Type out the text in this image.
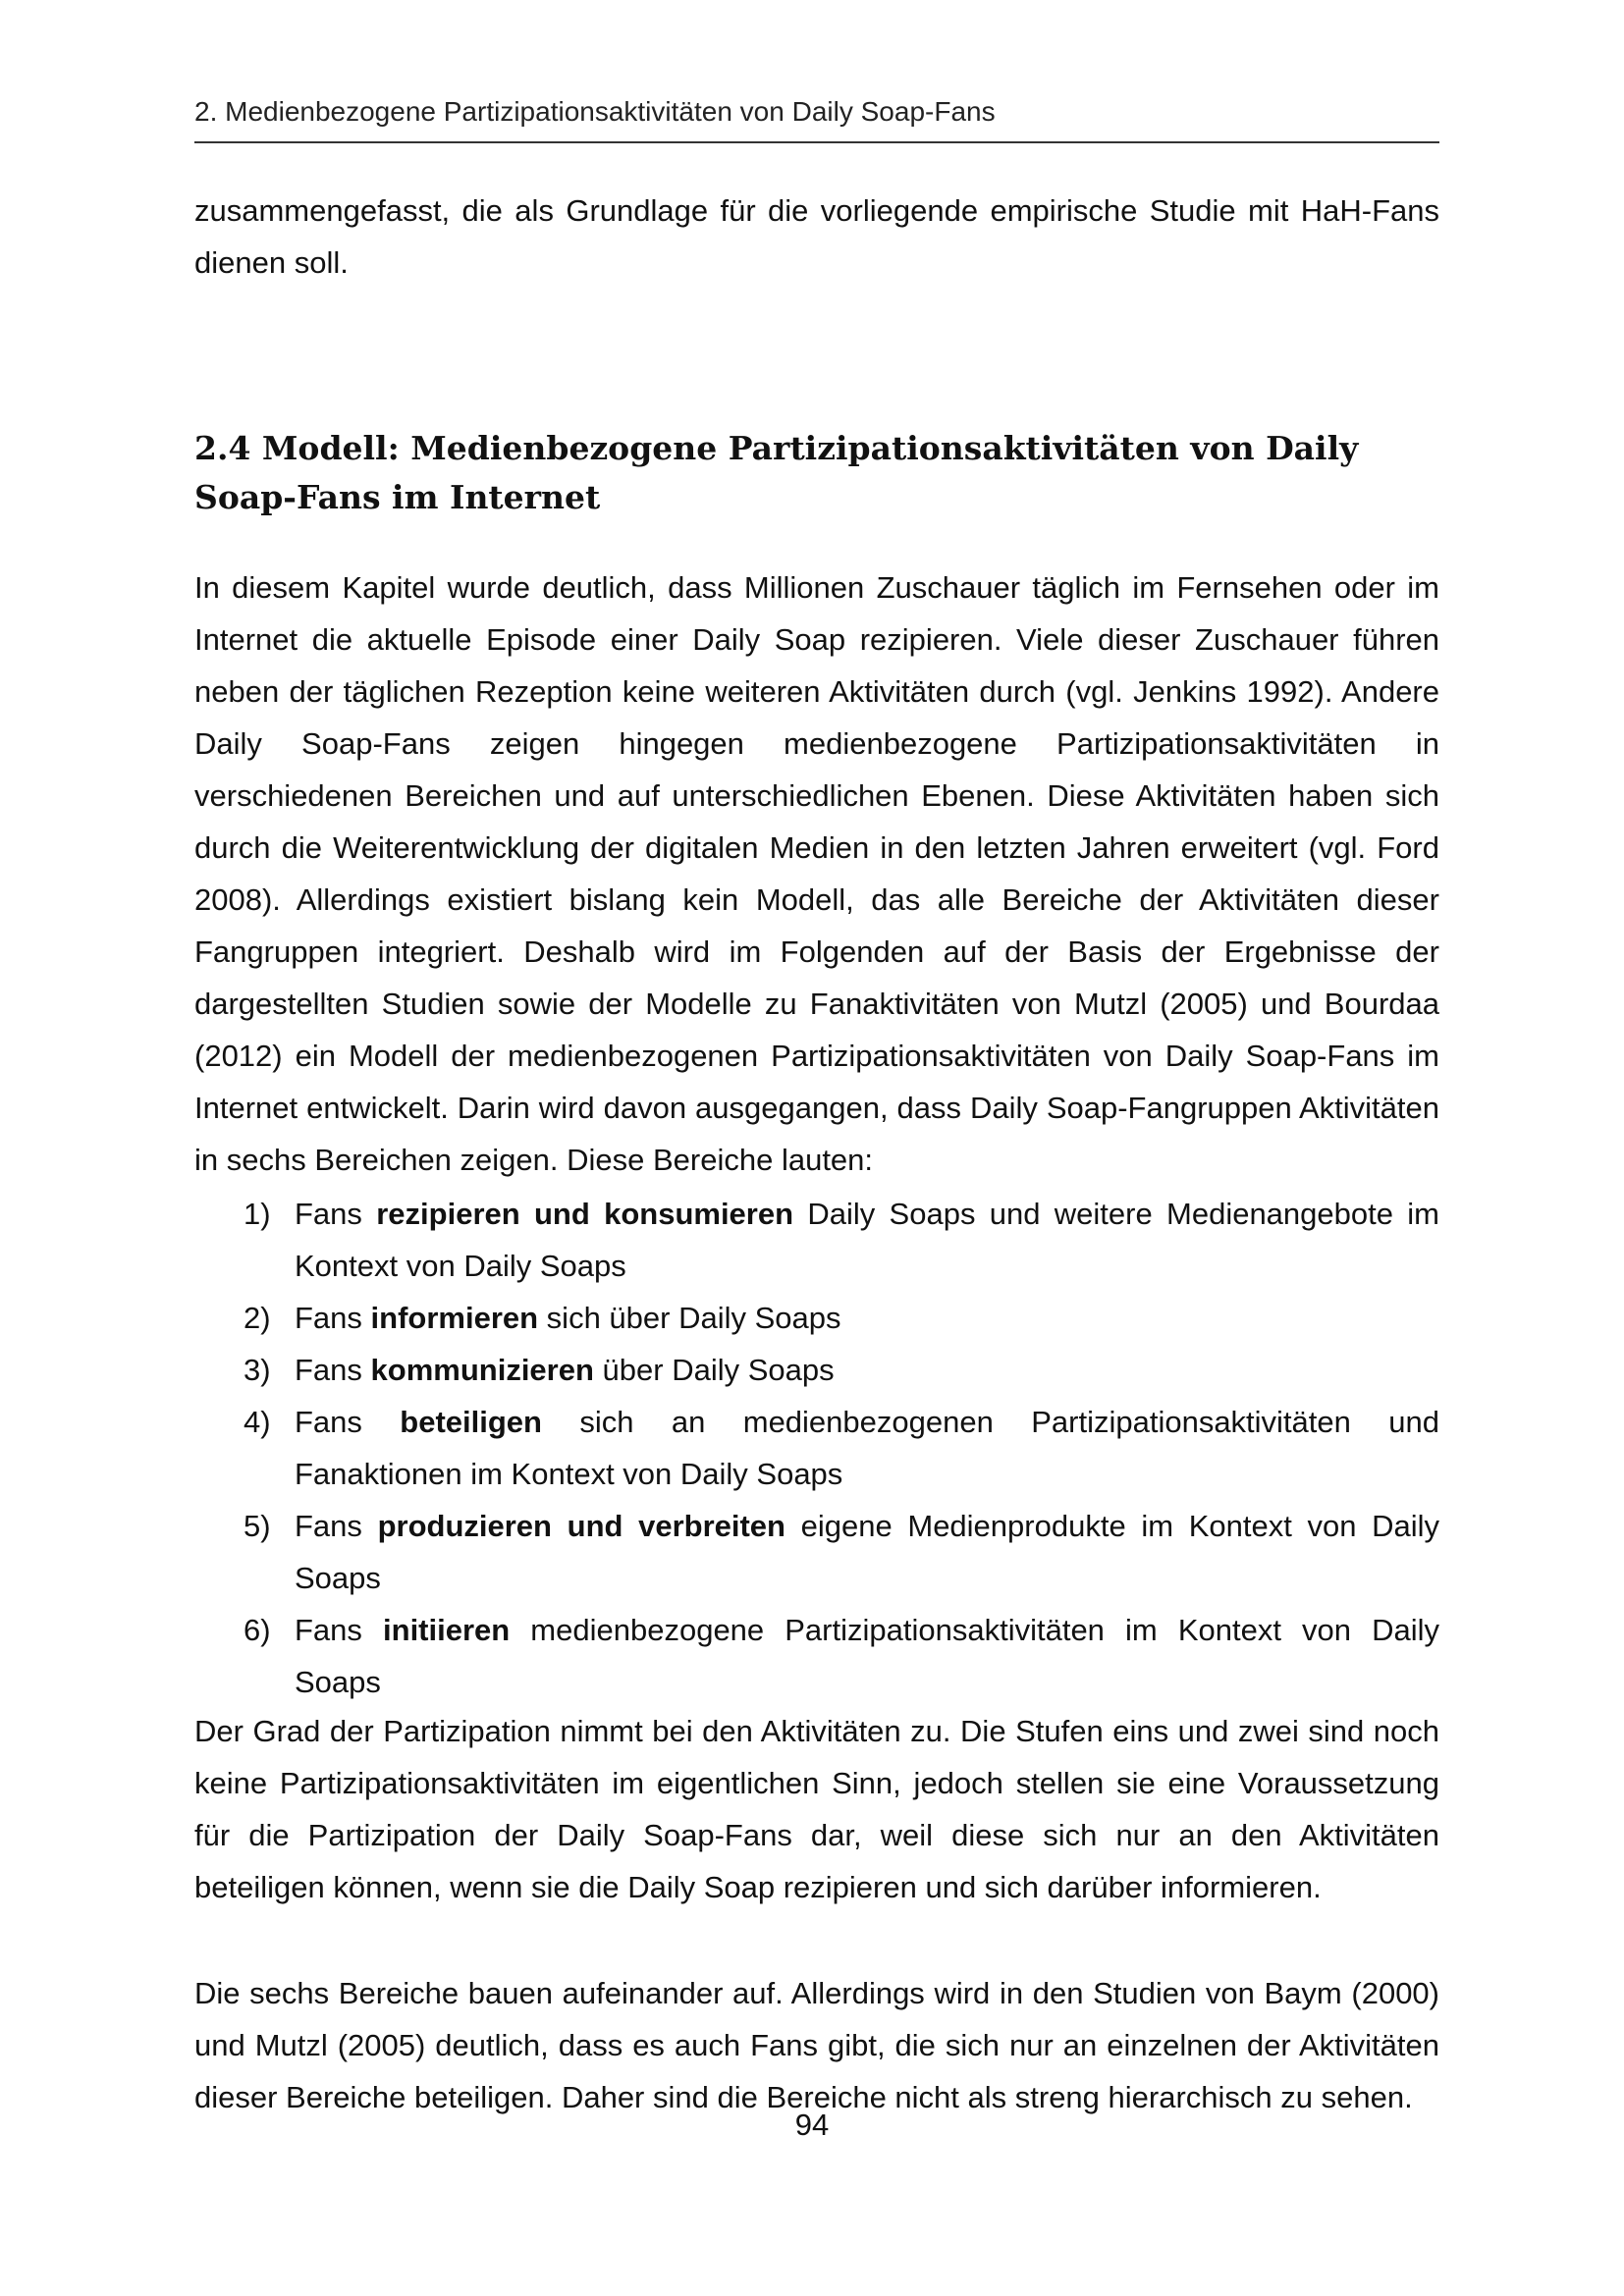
2. Medienbezogene Partizipationsaktivitäten von Daily Soap-Fans

zusammengefasst, die als Grundlage für die vorliegende empirische Studie mit HaH-Fans dienen soll.

2.4 Modell: Medienbezogene Partizipationsaktivitäten von Daily Soap-Fans im Internet

In diesem Kapitel wurde deutlich, dass Millionen Zuschauer täglich im Fernsehen oder im Internet die aktuelle Episode einer Daily Soap rezipieren. Viele dieser Zuschauer führen neben der täglichen Rezeption keine weiteren Aktivitäten durch (vgl. Jenkins 1992). Andere Daily Soap-Fans zeigen hingegen medienbezogene Partizipationsaktivitäten in verschiedenen Bereichen und auf unterschiedlichen Ebenen. Diese Aktivitäten haben sich durch die Weiterentwicklung der digitalen Medien in den letzten Jahren erweitert (vgl. Ford 2008). Allerdings existiert bislang kein Modell, das alle Bereiche der Aktivitäten dieser Fangruppen integriert. Deshalb wird im Folgenden auf der Basis der Ergebnisse der dargestellten Studien sowie der Modelle zu Fanaktivitäten von Mutzl (2005) und Bourdaa (2012) ein Modell der medienbezogenen Partizipationsaktivitäten von Daily Soap-Fans im Internet entwickelt. Darin wird davon ausgegangen, dass Daily Soap-Fangruppen Aktivitäten in sechs Bereichen zeigen. Diese Bereiche lauten:

1) Fans rezipieren und konsumieren Daily Soaps und weitere Medienangebote im Kontext von Daily Soaps
2) Fans informieren sich über Daily Soaps
3) Fans kommunizieren über Daily Soaps
4) Fans beteiligen sich an medienbezogenen Partizipationsaktivitäten und Fanaktionen im Kontext von Daily Soaps
5) Fans produzieren und verbreiten eigene Medienprodukte im Kontext von Daily Soaps
6) Fans initiieren medienbezogene Partizipationsaktivitäten im Kontext von Daily Soaps

Der Grad der Partizipation nimmt bei den Aktivitäten zu. Die Stufen eins und zwei sind noch keine Partizipationsaktivitäten im eigentlichen Sinn, jedoch stellen sie eine Voraussetzung für die Partizipation der Daily Soap-Fans dar, weil diese sich nur an den Aktivitäten beteiligen können, wenn sie die Daily Soap rezipieren und sich darüber informieren.

Die sechs Bereiche bauen aufeinander auf. Allerdings wird in den Studien von Baym (2000) und Mutzl (2005) deutlich, dass es auch Fans gibt, die sich nur an einzelnen der Aktivitäten dieser Bereiche beteiligen. Daher sind die Bereiche nicht als streng hierarchisch zu sehen.

94
